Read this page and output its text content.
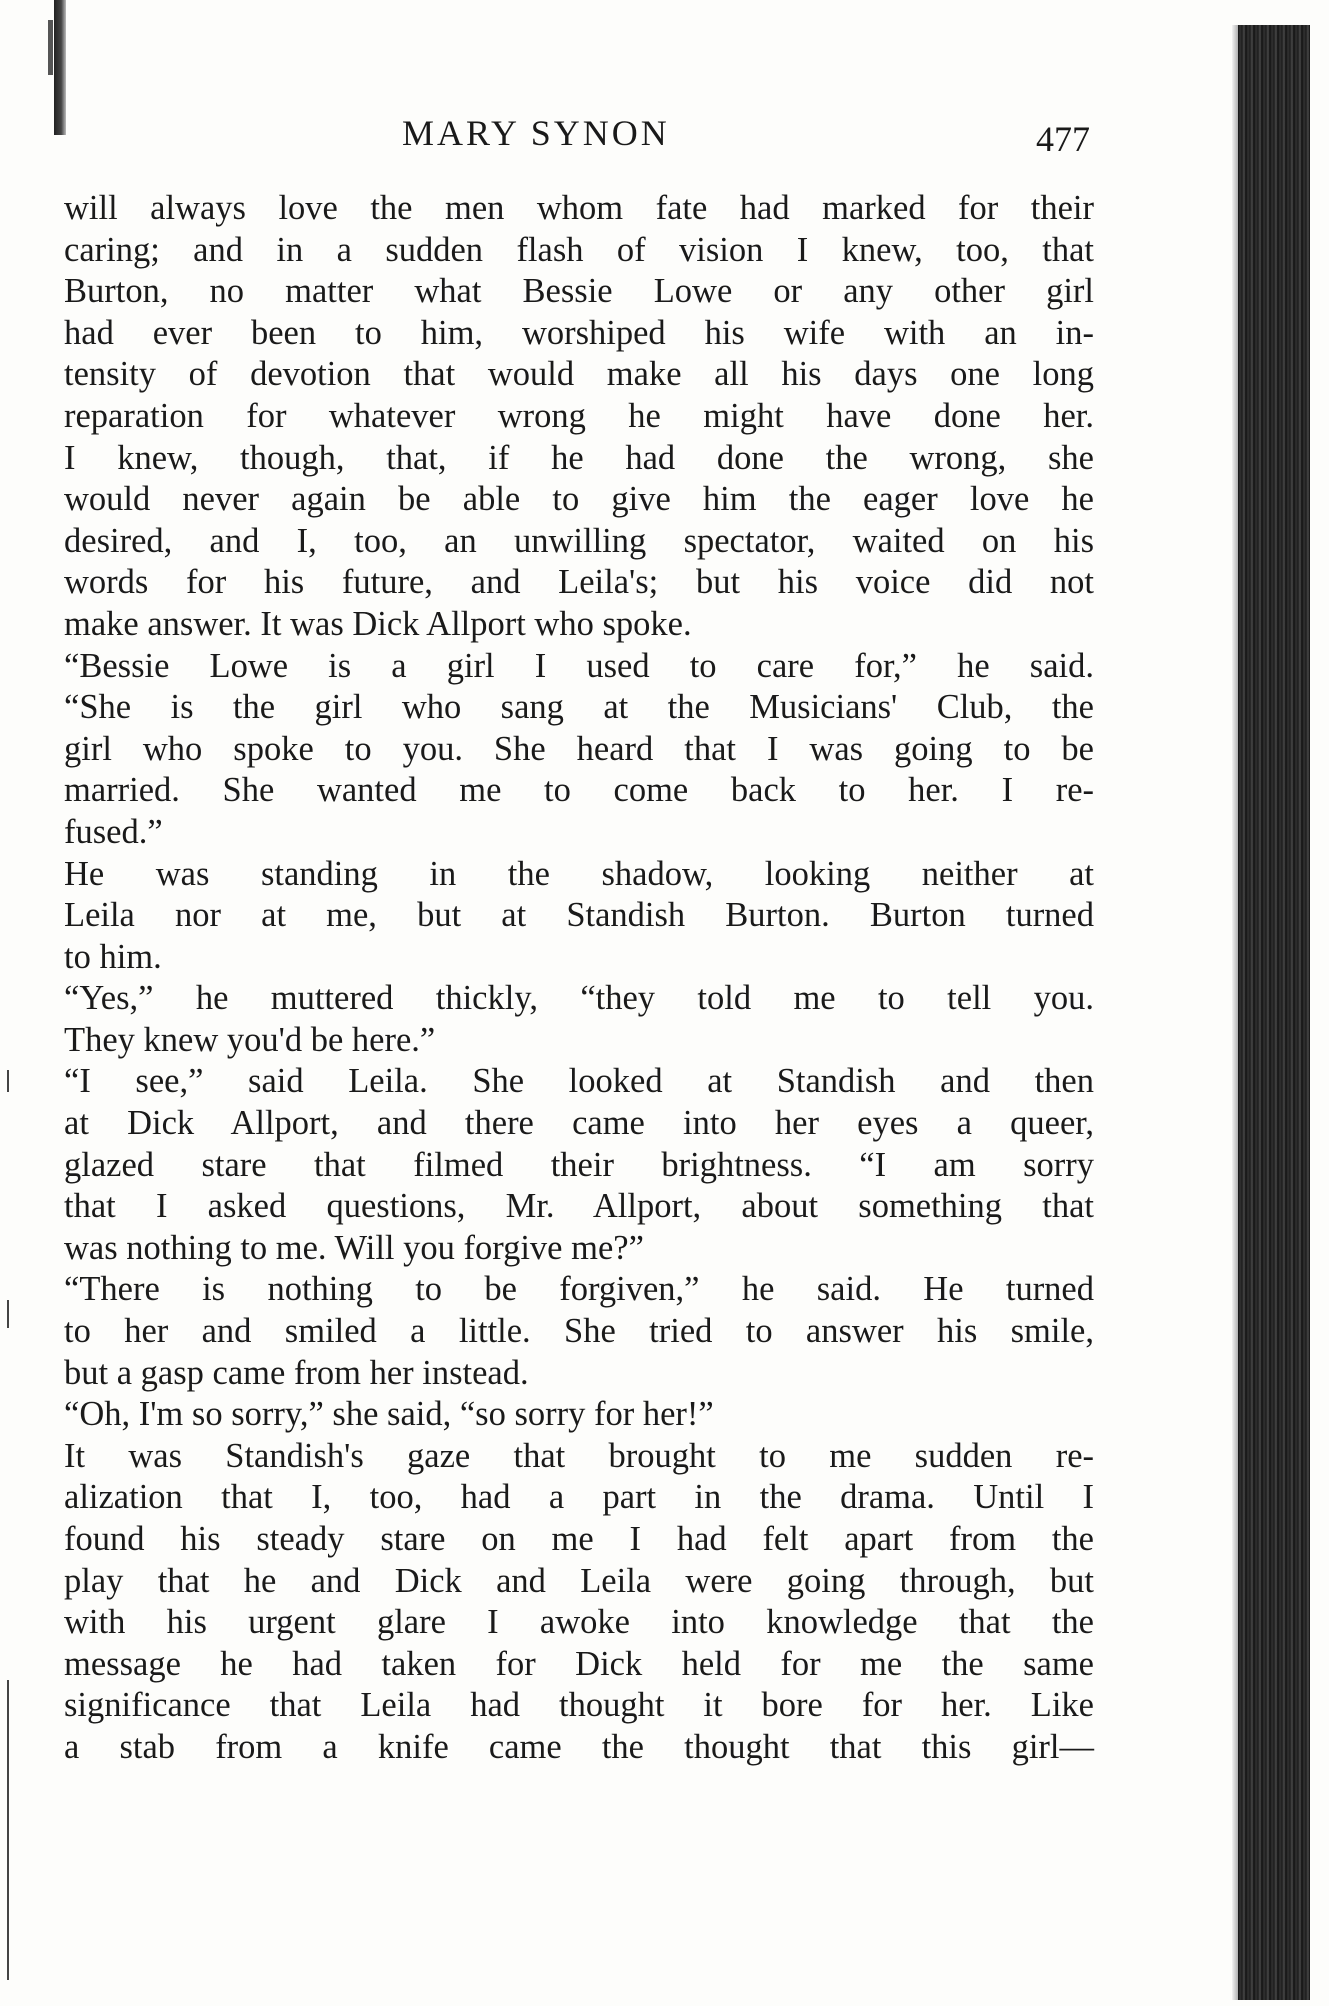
MARY SYNON	477
will always love the men whom fate had marked for their
caring; and in a sudden flash of vision I knew, too, that
Burton, no matter what Bessie Lowe or any other girl
had ever been to him, worshiped his wife with an in-
tensity of devotion that would make all his days one long
reparation for whatever wrong he might have done her.
I knew, though, that, if he had done the wrong, she
would never again be able to give him the eager love he
desired, and I, too, an unwilling spectator, waited on his
words for his future, and Leila's; but his voice did not
make answer. It was Dick Allport who spoke.
“Bessie Lowe is a girl I used to care for,” he said.
“She is the girl who sang at the Musicians' Club, the
girl who spoke to you. She heard that I was going to be
married. She wanted me to come back to her. I re-
fused.”
He was standing in the shadow, looking neither at
Leila nor at me, but at Standish Burton. Burton turned
to him.
“Yes,” he muttered thickly, “they told me to tell you.
They knew you'd be here.”
“I see,” said Leila. She looked at Standish and then
at Dick Allport, and there came into her eyes a queer,
glazed stare that filmed their brightness. “I am sorry
that I asked questions, Mr. Allport, about something that
was nothing to me. Will you forgive me?”
“There is nothing to be forgiven,” he said. He turned
to her and smiled a little. She tried to answer his smile,
but a gasp came from her instead.
“Oh, I'm so sorry,” she said, “so sorry for her!”
It was Standish's gaze that brought to me sudden re-
alization that I, too, had a part in the drama. Until I
found his steady stare on me I had felt apart from the
play that he and Dick and Leila were going through, but
with his urgent glare I awoke into knowledge that the
message he had taken for Dick held for me the same
significance that Leila had thought it bore for her. Like
a stab from a knife came the thought that this girl—
